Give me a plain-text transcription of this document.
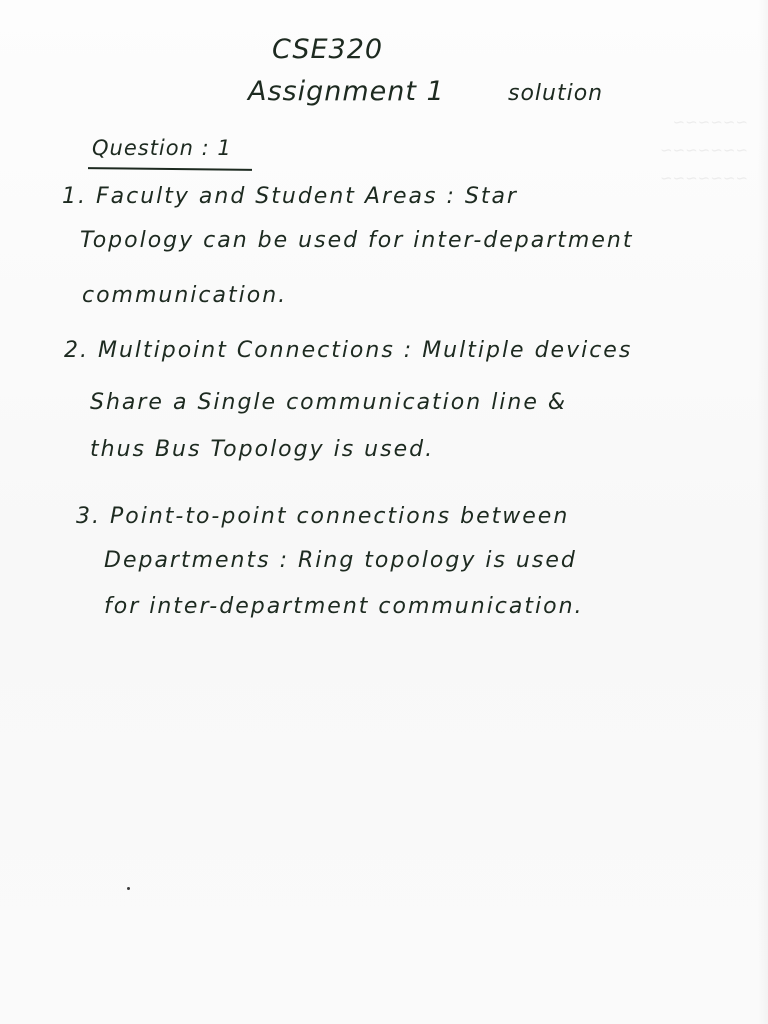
~~~~~~
~~~~~~~
~~~~~~~

CSE320
Assignment 1	solution
Question : 1
1. Faculty and Student Areas : Star
Topology can be used for inter-department
communication.
2. Multipoint Connections : Multiple devices
Share a Single communication line &
thus Bus Topology is used.
3. Point-to-point connections between
Departments : Ring topology is used
for inter-department communication.
